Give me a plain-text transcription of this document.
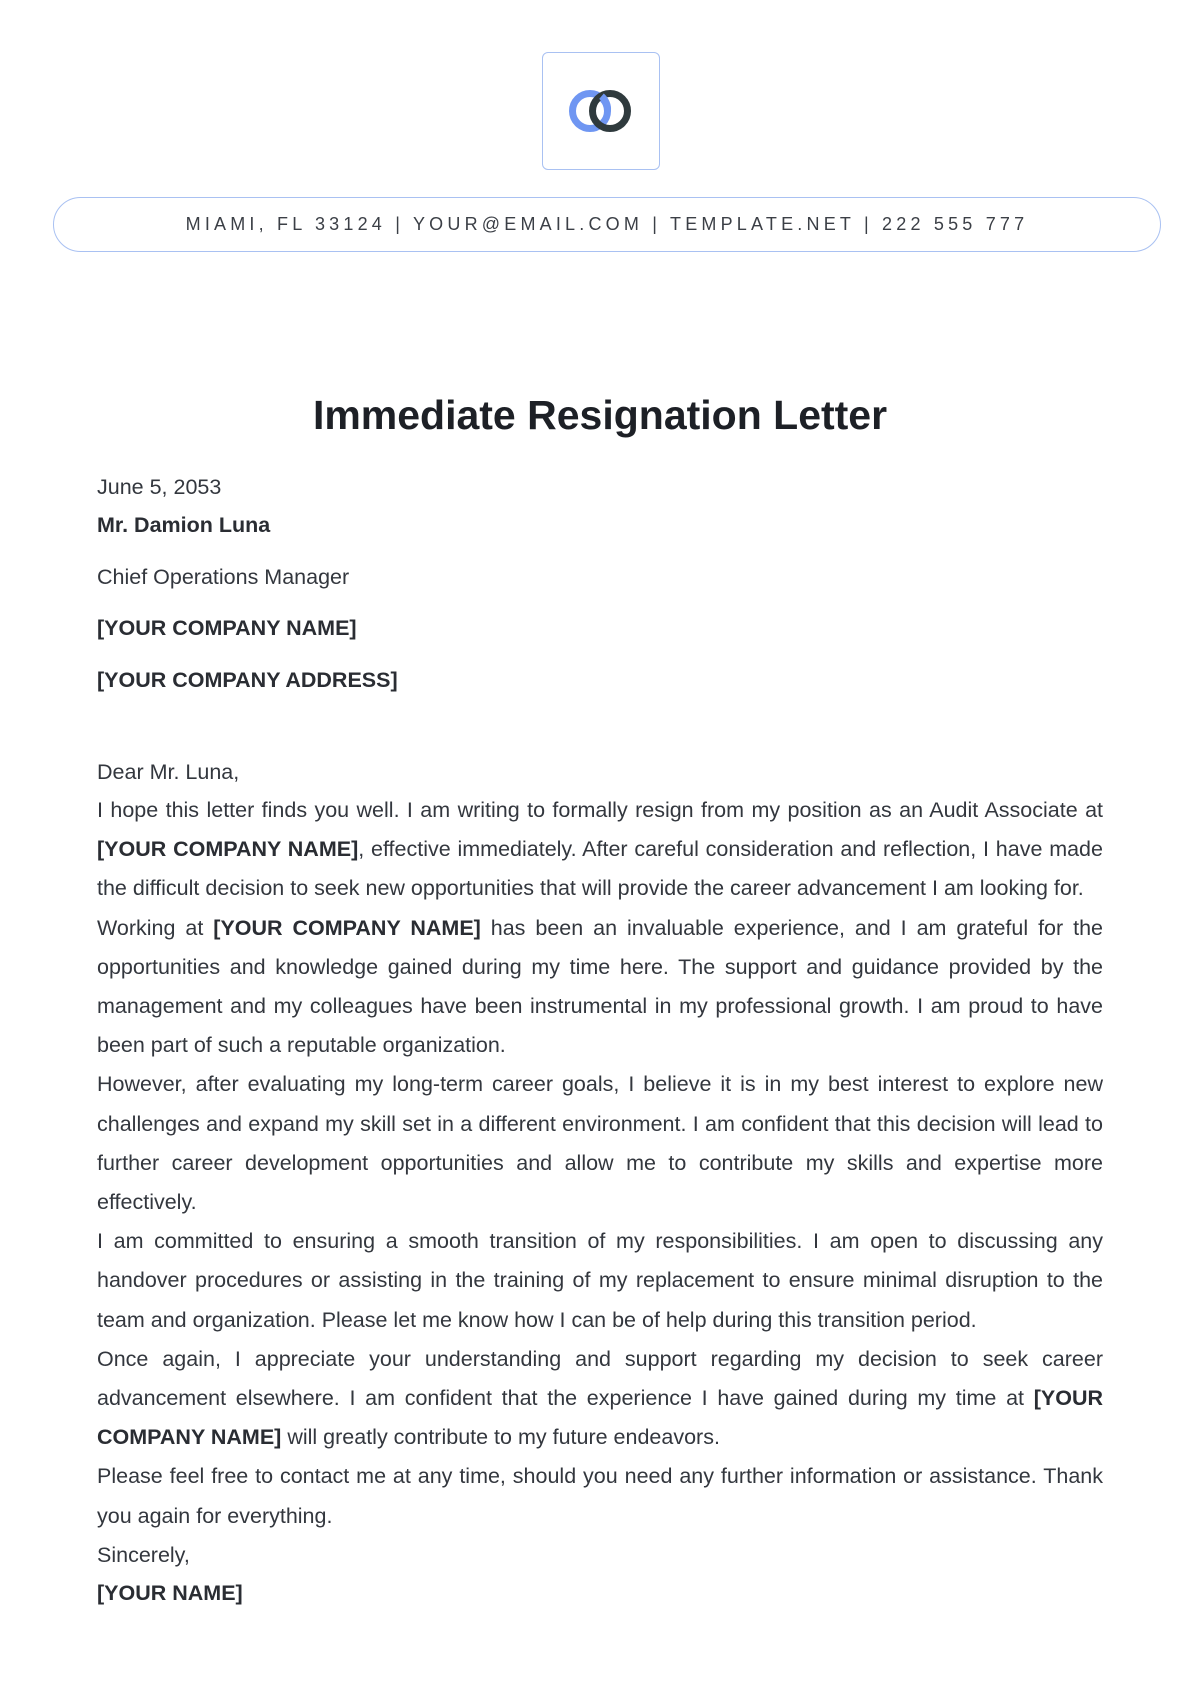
MIAMI, FL 33124 | YOUR@EMAIL.COM | TEMPLATE.NET | 222 555 777
Immediate Resignation Letter

June 5, 2053

Mr. Damion Luna

Chief Operations Manager

[YOUR COMPANY NAME]

[YOUR COMPANY ADDRESS]

Dear Mr. Luna,

I hope this letter finds you well. I am writing to formally resign from my position as an Audit Associate at [YOUR COMPANY NAME], effective immediately. After careful consideration and reflection, I have made the difficult decision to seek new opportunities that will provide the career advancement I am looking for.

Working at [YOUR COMPANY NAME] has been an invaluable experience, and I am grateful for the opportunities and knowledge gained during my time here. The support and guidance provided by the management and my colleagues have been instrumental in my professional growth. I am proud to have been part of such a reputable organization.

However, after evaluating my long-term career goals, I believe it is in my best interest to explore new challenges and expand my skill set in a different environment. I am confident that this decision will lead to further career development opportunities and allow me to contribute my skills and expertise more effectively.

I am committed to ensuring a smooth transition of my responsibilities. I am open to discussing any handover procedures or assisting in the training of my replacement to ensure minimal disruption to the team and organization. Please let me know how I can be of help during this transition period.

Once again, I appreciate your understanding and support regarding my decision to seek career advancement elsewhere. I am confident that the experience I have gained during my time at [YOUR COMPANY NAME] will greatly contribute to my future endeavors.

Please feel free to contact me at any time, should you need any further information or assistance. Thank you again for everything.

Sincerely,

[YOUR NAME]
